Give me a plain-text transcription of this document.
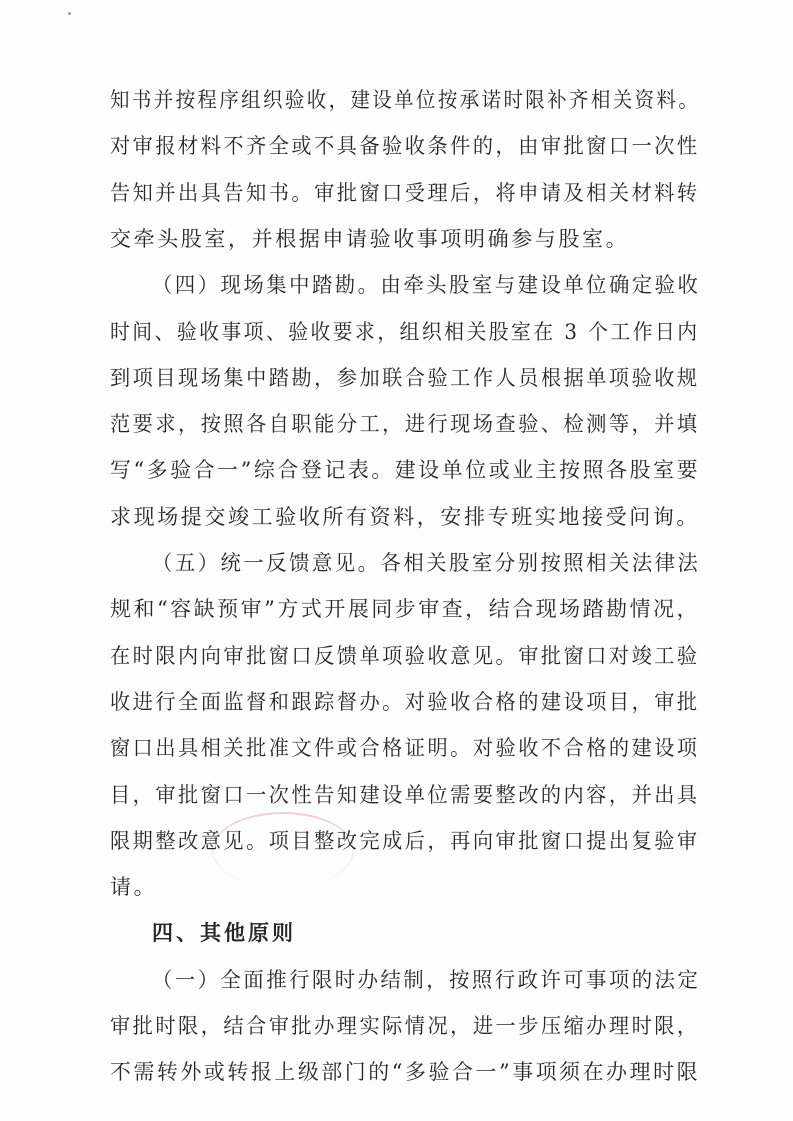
知书并按程序组织验收，建设单位按承诺时限补齐相关资料。

对审报材料不齐全或不具备验收条件的，由审批窗口一次性

告知并出具告知书。审批窗口受理后，将申请及相关材料转

交牵头股室，并根据申请验收事项明确参与股室。

（四）现场集中踏勘。由牵头股室与建设单位确定验收

时间、验收事项、验收要求，组织相关股室在 3 个工作日内

到项目现场集中踏勘，参加联合验工作人员根据单项验收规

范要求，按照各自职能分工，进行现场查验、检测等，并填

写“多验合一”综合登记表。建设单位或业主按照各股室要

求现场提交竣工验收所有资料，安排专班实地接受问询。

（五）统一反馈意见。各相关股室分别按照相关法律法

规和“容缺预审”方式开展同步审查，结合现场踏勘情况，

在时限内向审批窗口反馈单项验收意见。审批窗口对竣工验

收进行全面监督和跟踪督办。对验收合格的建设项目，审批

窗口出具相关批准文件或合格证明。对验收不合格的建设项

目，审批窗口一次性告知建设单位需要整改的内容，并出具

限期整改意见。项目整改完成后，再向审批窗口提出复验审

请。

四、其他原则

（一）全面推行限时办结制，按照行政许可事项的法定

审批时限，结合审批办理实际情况，进一步压缩办理时限，

不需转外或转报上级部门的“多验合一”事项须在办理时限
